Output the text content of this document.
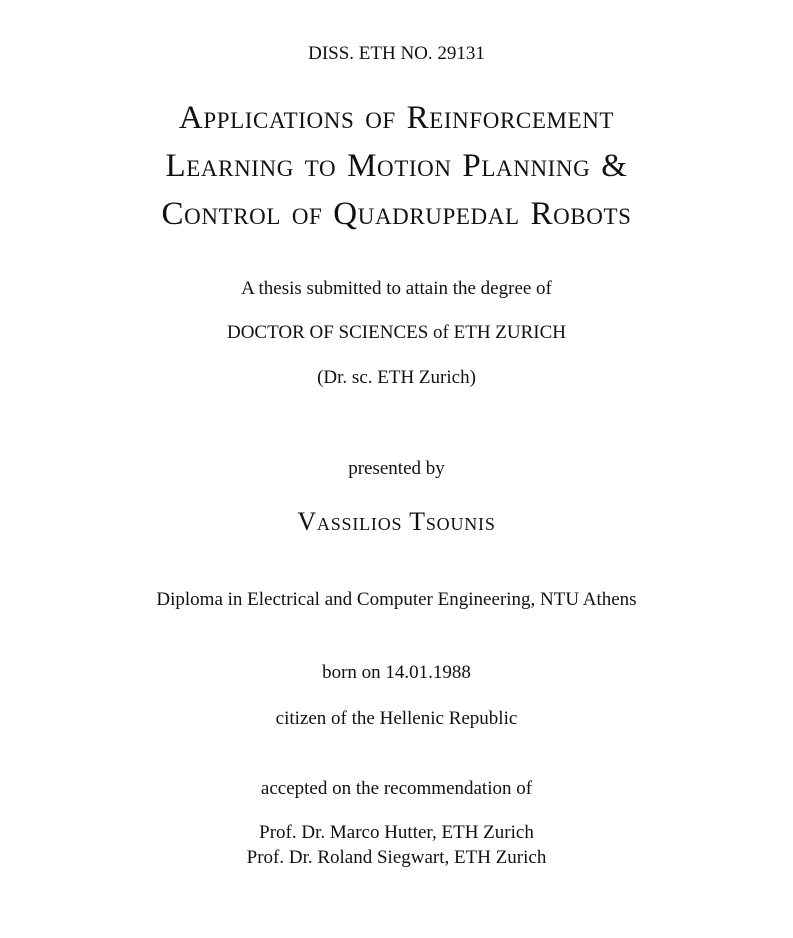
DISS. ETH NO. 29131
Applications of Reinforcement
Learning to Motion Planning &
Control of Quadrupedal Robots
A thesis submitted to attain the degree of
DOCTOR OF SCIENCES of ETH ZURICH
(Dr. sc. ETH Zurich)
presented by
Vassilios Tsounis
Diploma in Electrical and Computer Engineering, NTU Athens
born on 14.01.1988
citizen of the Hellenic Republic
accepted on the recommendation of
Prof. Dr. Marco Hutter, ETH Zurich
Prof. Dr. Roland Siegwart, ETH Zurich
